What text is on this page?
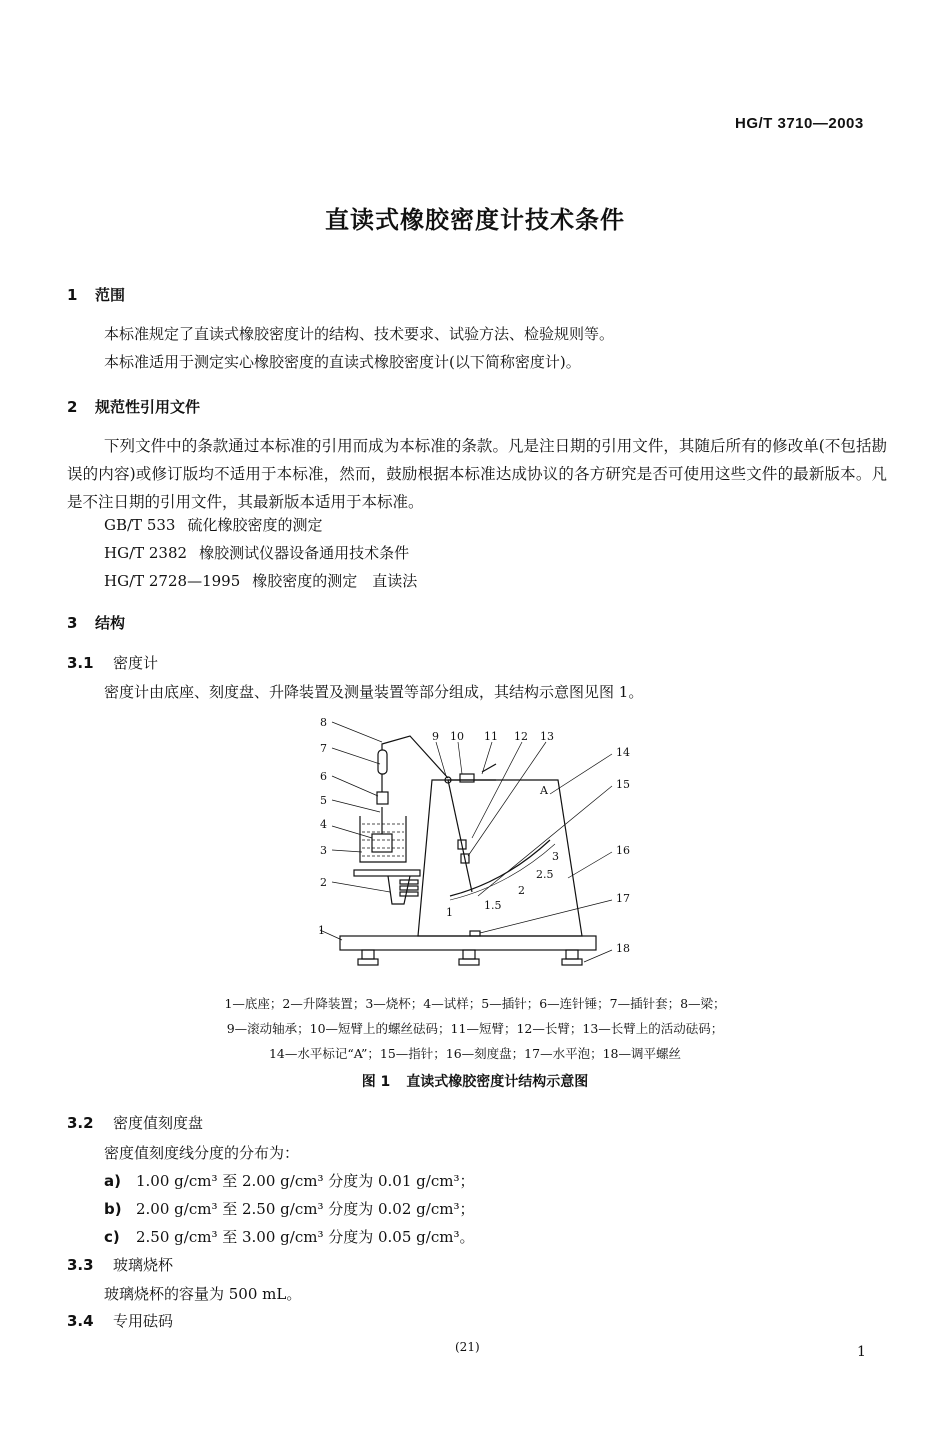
HG/T 3710—2003
直读式橡胶密度计技术条件
1 范围
本标准规定了直读式橡胶密度计的结构、技术要求、试验方法、检验规则等。
本标准适用于测定实心橡胶密度的直读式橡胶密度计(以下简称密度计)。
2 规范性引用文件
下列文件中的条款通过本标准的引用而成为本标准的条款。凡是注日期的引用文件，其随后所有的修改单(不包括勘误的内容)或修订版均不适用于本标准，然而，鼓励根据本标准达成协议的各方研究是否可使用这些文件的最新版本。凡是不注日期的引用文件，其最新版本适用于本标准。
GB/T 533 硫化橡胶密度的测定
HG/T 2382 橡胶测试仪器设备通用技术条件
HG/T 2728—1995 橡胶密度的测定　直读法
3 结构
3.1 密度计
密度计由底座、刻度盘、升降装置及测量装置等部分组成，其结构示意图见图 1。
8
7
6
5
4
3
2
1
9 10 11 12 13
14
15
16
17
18
A
1
1.5
2
2.5
3
1—底座；2—升降装置；3—烧杯；4—试样；5—插针；6—连针锤；7—插针套；8—梁；
9—滚动轴承；10—短臂上的螺丝砝码；11—短臂；12—长臂；13—长臂上的活动砝码；
14—水平标记“A”；15—指针；16—刻度盘；17—水平泡；18—调平螺丝
图 1 直读式橡胶密度计结构示意图
3.2 密度值刻度盘
密度值刻度线分度的分布为：
a) 1.00 g/cm³ 至 2.00 g/cm³ 分度为 0.01 g/cm³；
b) 2.00 g/cm³ 至 2.50 g/cm³ 分度为 0.02 g/cm³；
c) 2.50 g/cm³ 至 3.00 g/cm³ 分度为 0.05 g/cm³。
3.3 玻璃烧杯
玻璃烧杯的容量为 500 mL。
3.4 专用砝码
(21)	1
